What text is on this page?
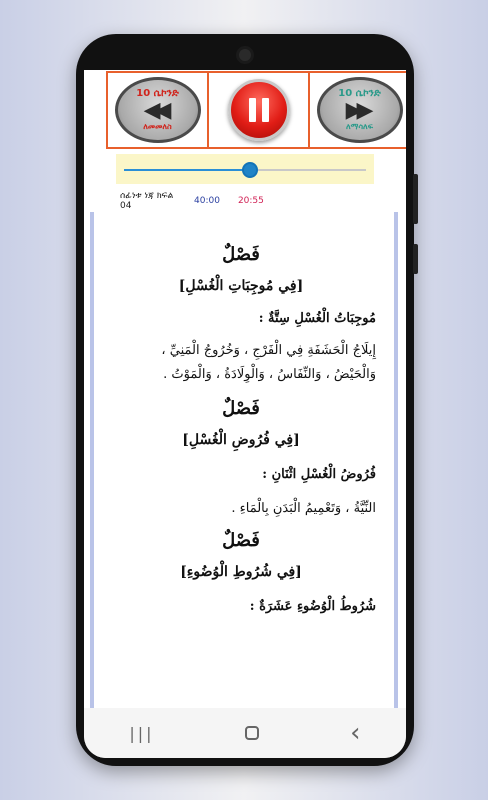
10 ሴኮንድ
◀◀
ለመመለስ
10 ሴኮንድ
▶▶
ለማሳለፍ
ሰፊነቱ ነጃ ክፍል 04	40:00 20:55
فَصْلٌ
[فِي مُوجِبَاتِ الْغُسْلِ]
مُوجِبَاتُ الْغُسْلِ سِتَّةٌ :
إِيلَاجُ الْحَشَفَةِ فِي الْفَرْجِ ، وَخُرُوجُ الْمَنِيِّ ،
وَالْحَيْضُ ، وَالنِّفَاسُ ، وَالْوِلَادَةُ ، وَالْمَوْتُ .
فَصْلٌ
[فِي فُرُوضِ الْغُسْلِ]
فُرُوضُ الْغُسْلِ اثْنَانِ :
النِّيَّةُ ، وَتَعْمِيمُ الْبَدَنِ بِالْمَاءِ .
فَصْلٌ
[فِي شُرُوطِ الْوُضُوءِ]
شُرُوطُ الْوُضُوءِ عَشَرَةٌ :
|||	‹
